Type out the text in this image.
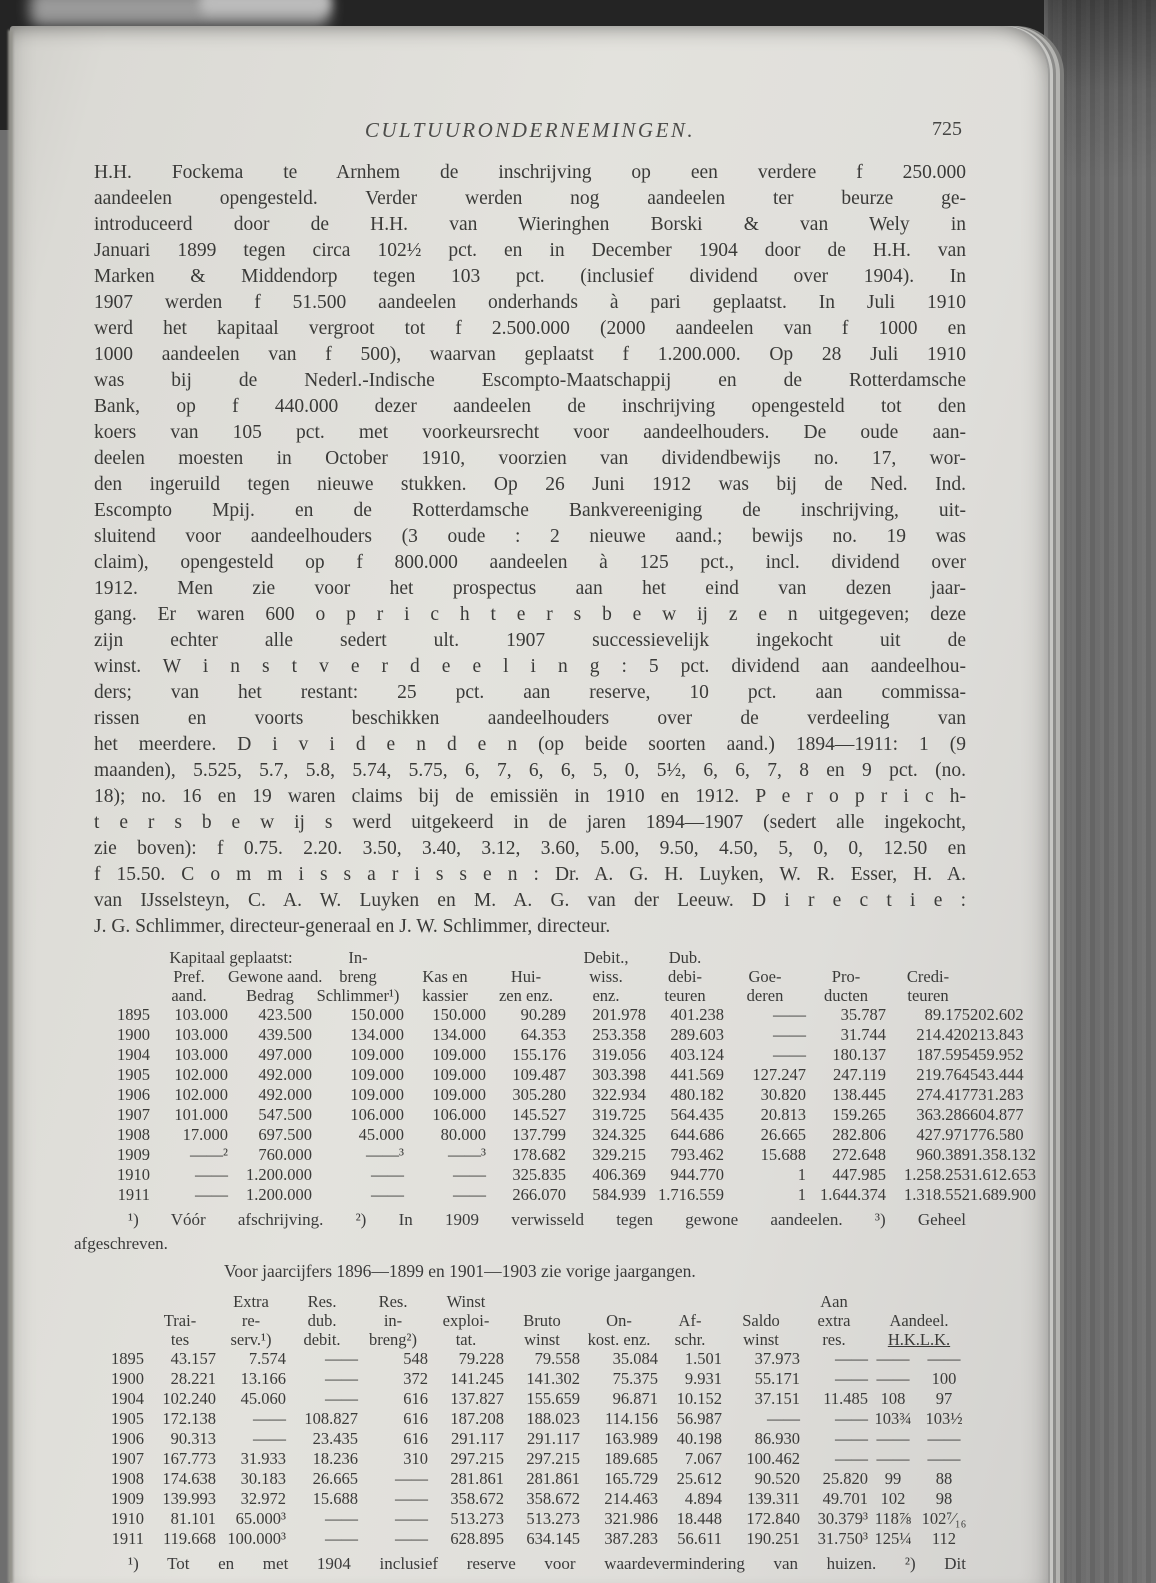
CULTUURONDERNEMINGEN.	725
H.H. Fockema te Arnhem de inschrijving op een verdere f 250.000
aandeelen opengesteld. Verder werden nog aandeelen ter beurze ge-
introduceerd door de H.H. van Wieringhen Borski & van Wely in
Januari 1899 tegen circa 102½ pct. en in December 1904 door de H.H. van
Marken & Middendorp tegen 103 pct. (inclusief dividend over 1904). In
1907 werden f 51.500 aandeelen onderhands à pari geplaatst. In Juli 1910
werd het kapitaal vergroot tot f 2.500.000 (2000 aandeelen van f 1000 en
1000 aandeelen van f 500), waarvan geplaatst f 1.200.000. Op 28 Juli 1910
was bij de Nederl.-Indische Escompto-Maatschappij en de Rotterdamsche
Bank, op f 440.000 dezer aandeelen de inschrijving opengesteld tot den
koers van 105 pct. met voorkeursrecht voor aandeelhouders. De oude aan-
deelen moesten in October 1910, voorzien van dividendbewijs no. 17, wor-
den ingeruild tegen nieuwe stukken. Op 26 Juni 1912 was bij de Ned. Ind.
Escompto Mpij. en de Rotterdamsche Bankvereeniging de inschrijving, uit-
sluitend voor aandeelhouders (3 oude : 2 nieuwe aand.; bewijs no. 19 was
claim), opengesteld op f 800.000 aandeelen à 125 pct., incl. dividend over
1912. Men zie voor het prospectus aan het eind van dezen jaar-
gang. Er waren 600 o p r i c h t e r s b e w ij z e n uitgegeven; deze
zijn echter alle sedert ult. 1907 successievelijk ingekocht uit de
winst. W i n s t v e r d e e l i n g : 5 pct. dividend aan aandeelhou-
ders; van het restant: 25 pct. aan reserve, 10 pct. aan commissa-
rissen en voorts beschikken aandeelhouders over de verdeeling van
het meerdere. D i v i d e n d e n (op beide soorten aand.) 1894—1911: 1 (9
maanden), 5.525, 5.7, 5.8, 5.74, 5.75, 6, 7, 6, 6, 5, 0, 5½, 6, 6, 7, 8 en 9 pct. (no.
18); no. 16 en 19 waren claims bij de emissiën in 1910 en 1912. P e r o p r i c h-
t e r s b e w ij s werd uitgekeerd in de jaren 1894—1907 (sedert alle ingekocht,
zie boven): f 0.75. 2.20. 3.50, 3.40, 3.12, 3.60, 5.00, 9.50, 4.50, 5, 0, 0, 12.50 en
f 15.50. C o m m i s s a r i s s e n : Dr. A. G. H. Luyken, W. R. Esser, H. A.
van IJsselsteyn, C. A. W. Luyken en M. A. G. van der Leeuw. D i r e c t i e :
J. G. Schlimmer, directeur-generaal en J. W. Schlimmer, directeur.
	Kapitaal geplaatst:		In-			Debit.,	Dub.				
	Pref.	Gewone aand.	breng	Kas en	Hui-	wiss.	debi-	Goe-	Pro-	Credi-	
	aand.	Bedrag	Schlimmer¹)	kassier	zen enz.	enz.	teuren	deren	ducten	teuren	
1895	103.000	423.500	150.000	150.000	90.289	201.978	401.238	——	35.787	89.175	202.602
1900	103.000	439.500	134.000	134.000	64.353	253.358	289.603	——	31.744	214.420	213.843
1904	103.000	497.000	109.000	109.000	155.176	319.056	403.124	——	180.137	187.595	459.952
1905	102.000	492.000	109.000	109.000	109.487	303.398	441.569	127.247	247.119	219.764	543.444
1906	102.000	492.000	109.000	109.000	305.280	322.934	480.182	30.820	138.445	274.417	731.283
1907	101.000	547.500	106.000	106.000	145.527	319.725	564.435	20.813	159.265	363.286	604.877
1908	17.000	697.500	45.000	80.000	137.799	324.325	644.686	26.665	282.806	427.971	776.580
1909	——²	760.000	——³	——³	178.682	329.215	793.462	15.688	272.648	960.389	1.358.132
1910	——	1.200.000	——	——	325.835	406.369	944.770	1	447.985	1.258.253	1.612.653
1911	——	1.200.000	——	——	266.070	584.939	1.716.559	1	1.644.374	1.318.552	1.689.900
¹) Vóór afschrijving. ²) In 1909 verwisseld tegen gewone aandeelen. ³) Geheel
afgeschreven.
Voor jaarcijfers 1896—1899 en 1901—1903 zie vorige jaargangen.
		Extra	Res.	Res.	Winst					Aan		
	Trai-	re-	dub.	in-	exploi-	Bruto	On-	Af-	Saldo	extra	Aandeel.	
	tes	serv.¹)	debit.	breng²)	tat.	winst	kost. enz.	schr.	winst	res.	H.K.L.K.	
1895	43.157	7.574	——	548	79.228	79.558	35.084	1.501	37.973	——	——	——
1900	28.221	13.166	——	372	141.245	141.302	75.375	9.931	55.171	——	——	100
1904	102.240	45.060	——	616	137.827	155.659	96.871	10.152	37.151	11.485	108	97
1905	172.138	——	108.827	616	187.208	188.023	114.156	56.987	——	——	103¾	103½
1906	90.313	——	23.435	616	291.117	291.117	163.989	40.198	86.930	——	——	——
1907	167.773	31.933	18.236	310	297.215	297.215	189.685	7.067	100.462	——	——	——
1908	174.638	30.183	26.665	——	281.861	281.861	165.729	25.612	90.520	25.820	99	88
1909	139.993	32.972	15.688	——	358.672	358.672	214.463	4.894	139.311	49.701	102	98
1910	81.101	65.000³	——	——	513.273	513.273	321.986	18.448	172.840	30.379³	118⅞	102⁷⁄₁₆
1911	119.668	100.000³	——	——	628.895	634.145	387.283	56.611	190.251	31.750³	125¼	112
¹) Tot en met 1904 inclusief reserve voor waardevermindering van huizen. ²) Dit
